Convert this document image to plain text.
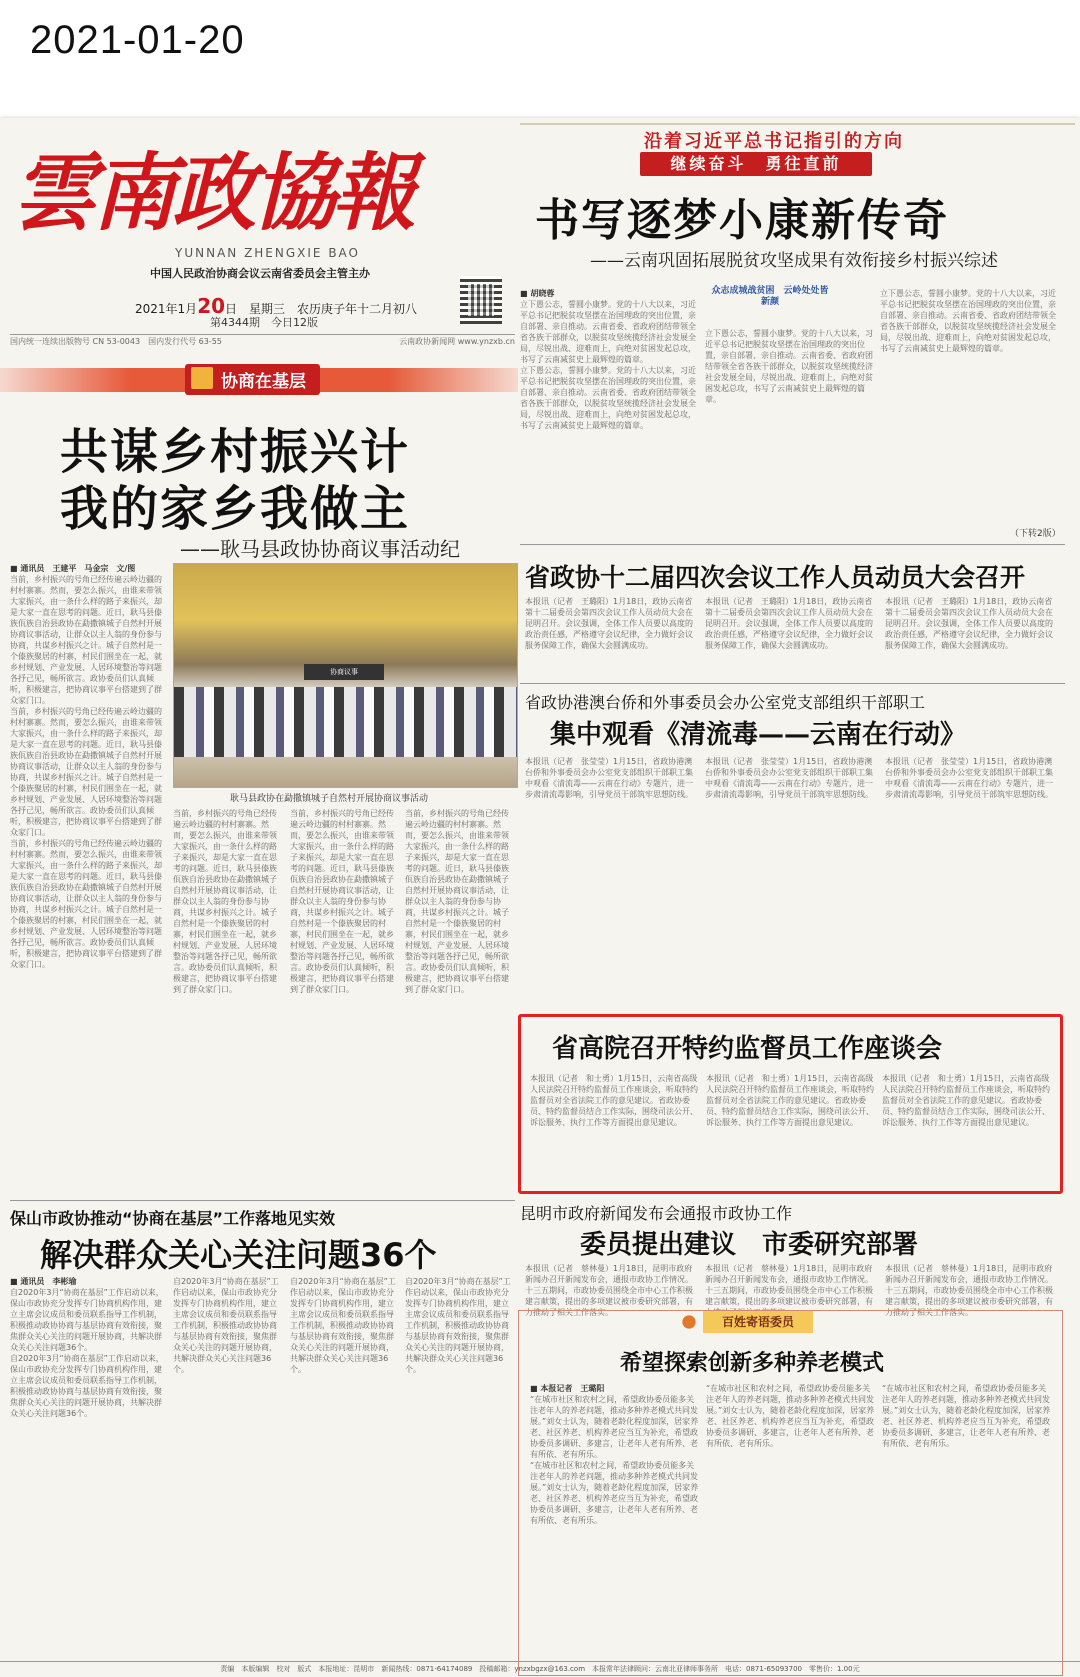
2021-01-20
雲南政協報
YUNNAN ZHENGXIE BAO
中国人民政治协商会议云南省委员会主管主办
2021年1月20日　星期三　农历庚子年十二月初八
第4344期　今日12版
国内统一连续出版物号 CN 53-0043　国内发行代号 63-55	云南政协新闻网 www.ynzxb.cn
协商在基层
共谋乡村振兴计
我的家乡我做主
——耿马县政协协商议事活动纪
■ 通讯员　王建平　马金宗　文/图
当前，乡村振兴的号角已经传遍云岭边疆的村村寨寨。然而，要怎么振兴，由谁来带领大家振兴，由一条什么样的路子来振兴，却是大家一直在思考的问题。近日，耿马县傣族佤族自治县政协在勐撒镇城子自然村开展协商议事活动，让群众以主人翁的身份参与协商，共谋乡村振兴之计。城子自然村是一个傣族聚居的村寨，村民们围坐在一起，就乡村规划、产业发展、人居环境整治等问题各抒己见，畅所欲言。政协委员们认真倾听，积极建言，把协商议事平台搭建到了群众家门口。
当前，乡村振兴的号角已经传遍云岭边疆的村村寨寨。然而，要怎么振兴，由谁来带领大家振兴，由一条什么样的路子来振兴，却是大家一直在思考的问题。近日，耿马县傣族佤族自治县政协在勐撒镇城子自然村开展协商议事活动，让群众以主人翁的身份参与协商，共谋乡村振兴之计。城子自然村是一个傣族聚居的村寨，村民们围坐在一起，就乡村规划、产业发展、人居环境整治等问题各抒己见，畅所欲言。政协委员们认真倾听，积极建言，把协商议事平台搭建到了群众家门口。
当前，乡村振兴的号角已经传遍云岭边疆的村村寨寨。然而，要怎么振兴，由谁来带领大家振兴，由一条什么样的路子来振兴，却是大家一直在思考的问题。近日，耿马县傣族佤族自治县政协在勐撒镇城子自然村开展协商议事活动，让群众以主人翁的身份参与协商，共谋乡村振兴之计。城子自然村是一个傣族聚居的村寨，村民们围坐在一起，就乡村规划、产业发展、人居环境整治等问题各抒己见，畅所欲言。政协委员们认真倾听，积极建言，把协商议事平台搭建到了群众家门口。
协商议事
耿马县政协在勐撒镇城子自然村开展协商议事活动
当前，乡村振兴的号角已经传遍云岭边疆的村村寨寨。然而，要怎么振兴，由谁来带领大家振兴，由一条什么样的路子来振兴，却是大家一直在思考的问题。近日，耿马县傣族佤族自治县政协在勐撒镇城子自然村开展协商议事活动，让群众以主人翁的身份参与协商，共谋乡村振兴之计。城子自然村是一个傣族聚居的村寨，村民们围坐在一起，就乡村规划、产业发展、人居环境整治等问题各抒己见，畅所欲言。政协委员们认真倾听，积极建言，把协商议事平台搭建到了群众家门口。
当前，乡村振兴的号角已经传遍云岭边疆的村村寨寨。然而，要怎么振兴，由谁来带领大家振兴，由一条什么样的路子来振兴，却是大家一直在思考的问题。近日，耿马县傣族佤族自治县政协在勐撒镇城子自然村开展协商议事活动，让群众以主人翁的身份参与协商，共谋乡村振兴之计。城子自然村是一个傣族聚居的村寨，村民们围坐在一起，就乡村规划、产业发展、人居环境整治等问题各抒己见，畅所欲言。政协委员们认真倾听，积极建言，把协商议事平台搭建到了群众家门口。
当前，乡村振兴的号角已经传遍云岭边疆的村村寨寨。然而，要怎么振兴，由谁来带领大家振兴，由一条什么样的路子来振兴，却是大家一直在思考的问题。近日，耿马县傣族佤族自治县政协在勐撒镇城子自然村开展协商议事活动，让群众以主人翁的身份参与协商，共谋乡村振兴之计。城子自然村是一个傣族聚居的村寨，村民们围坐在一起，就乡村规划、产业发展、人居环境整治等问题各抒己见，畅所欲言。政协委员们认真倾听，积极建言，把协商议事平台搭建到了群众家门口。
保山市政协推动“协商在基层”工作落地见实效
解决群众关心关注问题36个
■ 通讯员　李彬瑜
自2020年3月“协商在基层”工作启动以来，保山市政协充分发挥专门协商机构作用，建立主席会议成员和委员联系指导工作机制，积极推动政协协商与基层协商有效衔接，聚焦群众关心关注的问题开展协商，共解决群众关心关注问题36个。
自2020年3月“协商在基层”工作启动以来，保山市政协充分发挥专门协商机构作用，建立主席会议成员和委员联系指导工作机制，积极推动政协协商与基层协商有效衔接，聚焦群众关心关注的问题开展协商，共解决群众关心关注问题36个。
自2020年3月“协商在基层”工作启动以来，保山市政协充分发挥专门协商机构作用，建立主席会议成员和委员联系指导工作机制，积极推动政协协商与基层协商有效衔接，聚焦群众关心关注的问题开展协商，共解决群众关心关注问题36个。
自2020年3月“协商在基层”工作启动以来，保山市政协充分发挥专门协商机构作用，建立主席会议成员和委员联系指导工作机制，积极推动政协协商与基层协商有效衔接，聚焦群众关心关注的问题开展协商，共解决群众关心关注问题36个。
自2020年3月“协商在基层”工作启动以来，保山市政协充分发挥专门协商机构作用，建立主席会议成员和委员联系指导工作机制，积极推动政协协商与基层协商有效衔接，聚焦群众关心关注的问题开展协商，共解决群众关心关注问题36个。
沿着习近平总书记指引的方向
继续奋斗　勇往直前
书写逐梦小康新传奇
——云南巩固拓展脱贫攻坚成果有效衔接乡村振兴综述
众志成城战贫困　云岭处处皆新颜
■ 胡晓蓉
立下愚公志，誓圆小康梦。党的十八大以来，习近平总书记把脱贫攻坚摆在治国理政的突出位置，亲自部署、亲自推动。云南省委、省政府团结带领全省各族干部群众，以脱贫攻坚统揽经济社会发展全局，尽锐出战、迎难而上，向绝对贫困发起总攻，书写了云南减贫史上最辉煌的篇章。
立下愚公志，誓圆小康梦。党的十八大以来，习近平总书记把脱贫攻坚摆在治国理政的突出位置，亲自部署、亲自推动。云南省委、省政府团结带领全省各族干部群众，以脱贫攻坚统揽经济社会发展全局，尽锐出战、迎难而上，向绝对贫困发起总攻，书写了云南减贫史上最辉煌的篇章。
立下愚公志，誓圆小康梦。党的十八大以来，习近平总书记把脱贫攻坚摆在治国理政的突出位置，亲自部署、亲自推动。云南省委、省政府团结带领全省各族干部群众，以脱贫攻坚统揽经济社会发展全局，尽锐出战、迎难而上，向绝对贫困发起总攻，书写了云南减贫史上最辉煌的篇章。
立下愚公志，誓圆小康梦。党的十八大以来，习近平总书记把脱贫攻坚摆在治国理政的突出位置，亲自部署、亲自推动。云南省委、省政府团结带领全省各族干部群众，以脱贫攻坚统揽经济社会发展全局，尽锐出战、迎难而上，向绝对贫困发起总攻，书写了云南减贫史上最辉煌的篇章。
（下转2版）
省政协十二届四次会议工作人员动员大会召开
本报讯（记者　王璐阳）1月18日，政协云南省第十二届委员会第四次会议工作人员动员大会在昆明召开。会议强调，全体工作人员要以高度的政治责任感，严格遵守会议纪律，全力做好会议服务保障工作，确保大会圆满成功。
本报讯（记者　王璐阳）1月18日，政协云南省第十二届委员会第四次会议工作人员动员大会在昆明召开。会议强调，全体工作人员要以高度的政治责任感，严格遵守会议纪律，全力做好会议服务保障工作，确保大会圆满成功。
本报讯（记者　王璐阳）1月18日，政协云南省第十二届委员会第四次会议工作人员动员大会在昆明召开。会议强调，全体工作人员要以高度的政治责任感，严格遵守会议纪律，全力做好会议服务保障工作，确保大会圆满成功。
省政协港澳台侨和外事委员会办公室党支部组织干部职工
集中观看《清流毒——云南在行动》
本报讯（记者　张莹莹）1月15日，省政协港澳台侨和外事委员会办公室党支部组织干部职工集中观看《清流毒——云南在行动》专题片，进一步肃清流毒影响，引导党员干部筑牢思想防线。
本报讯（记者　张莹莹）1月15日，省政协港澳台侨和外事委员会办公室党支部组织干部职工集中观看《清流毒——云南在行动》专题片，进一步肃清流毒影响，引导党员干部筑牢思想防线。
本报讯（记者　张莹莹）1月15日，省政协港澳台侨和外事委员会办公室党支部组织干部职工集中观看《清流毒——云南在行动》专题片，进一步肃清流毒影响，引导党员干部筑牢思想防线。
省高院召开特约监督员工作座谈会
本报讯（记者　和士勇）1月15日，云南省高级人民法院召开特约监督员工作座谈会，听取特约监督员对全省法院工作的意见建议。省政协委员、特约监督员结合工作实际，围绕司法公开、诉讼服务、执行工作等方面提出意见建议。
本报讯（记者　和士勇）1月15日，云南省高级人民法院召开特约监督员工作座谈会，听取特约监督员对全省法院工作的意见建议。省政协委员、特约监督员结合工作实际，围绕司法公开、诉讼服务、执行工作等方面提出意见建议。
本报讯（记者　和士勇）1月15日，云南省高级人民法院召开特约监督员工作座谈会，听取特约监督员对全省法院工作的意见建议。省政协委员、特约监督员结合工作实际，围绕司法公开、诉讼服务、执行工作等方面提出意见建议。
昆明市政府新闻发布会通报市政协工作
委员提出建议　市委研究部署
本报讯（记者　蔡林曼）1月18日，昆明市政府新闻办召开新闻发布会，通报市政协工作情况。十三五期间，市政协委员围绕全市中心工作积极建言献策，提出的多项建议被市委研究部署，有力推动了相关工作落实。
本报讯（记者　蔡林曼）1月18日，昆明市政府新闻办召开新闻发布会，通报市政协工作情况。十三五期间，市政协委员围绕全市中心工作积极建言献策，提出的多项建议被市委研究部署，有
本报讯（记者　蔡林曼）1月18日，昆明市政府新闻办召开新闻发布会，通报市政协工作情况。十三五期间，市政协委员围绕全市中心工作积极建言献策，提出的多项建议被市委研究部署，有力推动了相关工作落实。
百姓寄语委员
希望探索创新多种养老模式
■ 本报记者　王璐阳
“在城市社区和农村之间，希望政协委员能多关注老年人的养老问题，推动多种养老模式共同发展。”刘女士认为，随着老龄化程度加深，居家养老、社区养老、机构养老应当互为补充，希望政协委员多调研、多建言，让老年人老有所养、老有所依、老有所乐。
“在城市社区和农村之间，希望政协委员能多关注老年人的养老问题，推动多种养老模式共同发展。”刘女士认为，随着老龄化程度加深，居家养老、社区养老、机构养老应当互为补充，希望政协委员多调研、多建言，让老年人老有所养、老有所依、老有所乐。
“在城市社区和农村之间，希望政协委员能多关注老年人的养老问题，推动多种养老模式共同发展。”刘女士认为，随着老龄化程度加深，居家养老、社区养老、机构养老应当互为补充，希望政协委员多调研、多建言，让老年人老有所养、老有所依、老有所乐。
“在城市社区和农村之间，希望政协委员能多关注老年人的养老问题，推动多种养老模式共同发展。”刘女士认为，随着老龄化程度加深，居家养老、社区养老、机构养老应当互为补充，希望政协委员多调研、多建言，让老年人老有所养、老有所依、老有所乐。
责编　本版编辑　校对　版式　本报地址：昆明市　新闻热线：0871-64174089　投稿邮箱：ynzxbgzx@163.com　本报常年法律顾问：云南北亚律师事务所　电话：0871-65093700　零售价：1.00元
